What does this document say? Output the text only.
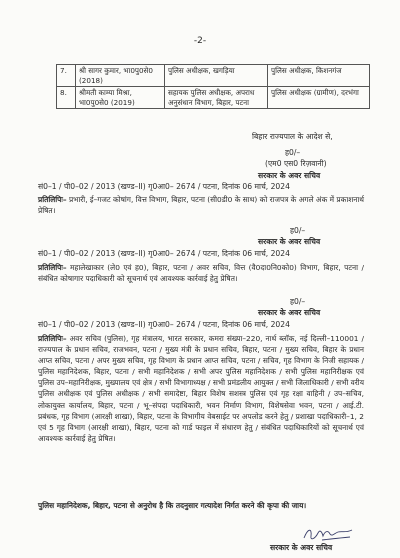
-2-
7.	श्री सागर कुमार, भा0पु0से0 (2018)	पुलिस अधीक्षक, खगड़िया	पुलिस अधीक्षक, किशनगंज
8.	श्रीमती काम्या मिश्रा, भा0पु0से0 (2019)	सहायक पुलिस अधीक्षक, अपराध अनुसंधान विभाग, बिहार, पटना	पुलिस अधीक्षक (ग्रामीण), दरभंगा
बिहार राज्यपाल के आदेश से,
ह0/–
(एम0 एस0 रिज़वानी)
सरकार के अवर सचिव
सं0–1 / पी0–02 / 2013 (खण्ड–II) गृ0आ0– 2674 / पटना, दिनांक 06 मार्च, 2024
प्रतिलिपिः– प्रभारी, ई–गजट कोषांग, वित्त विभाग, बिहार, पटना (सी0डी0 के साथ) को राजपत्र के अगले अंक में प्रकाशनार्थ प्रेषित।
ह0/–
सरकार के अवर सचिव
सं0–1 / पी0–02 / 2013 (खण्ड–II) गृ0आ0– 2674 / पटना, दिनांक 06 मार्च, 2024
प्रतिलिपिः– महालेखाकार (ले0 एवं ह0), बिहार, पटना / अवर सचिव, वित्त (वै0दा0नि0को0) विभाग, बिहार, पटना / संबंधित कोषागार पदाधिकारी को सूचनार्थ एवं आवश्यक कार्रवाई हेतु प्रेषित।
ह0/–
सरकार के अवर सचिव
सं0–1 / पी0–02 / 2013 (खण्ड–II) गृ0आ0– 2674 / पटना, दिनांक 06 मार्च, 2024
प्रतिलिपिः– अवर सचिव (पुलिस), गृह मंत्रालय, भारत सरकार, कमरा संख्या–220, नार्थ ब्लॉक, नई दिल्ली–110001 / राज्यपाल के प्रधान सचिव, राजभवन, पटना / मुख्य मंत्री के प्रधान सचिव, बिहार, पटना / मुख्य सचिव, बिहार के प्रधान आप्त सचिव, पटना / अपर मुख्य सचिव, गृह विभाग के प्रधान आप्त सचिव, पटना / सचिव, गृह विभाग के निजी सहायक / पुलिस महानिदेशक, बिहार, पटना / सभी महानिदेशक / सभी अपर पुलिस महानिदेशक / सभी पुलिस महानिरीक्षक एवं पुलिस उप–महानिरीक्षक, मुख्यालय एवं क्षेत्र / सभी विभागाध्यक्ष / सभी प्रमंडलीय आयुक्त / सभी जिलाधिकारी / सभी वरीय पुलिस अधीक्षक एवं पुलिस अधीक्षक / सभी समादेष्टा, बिहार विशेष सशस्त्र पुलिस एवं गृह रक्षा वाहिनी / उप–सचिव, लोकायुक्त कार्यालय, बिहार, पटना / भू–संपदा पदाधिकारी, भवन निर्माण विभाग, विशेषसेवा भवन, पटना / आई.टी. प्रबंधक, गृह विभाग (आरक्षी शाखा), बिहार, पटना के विभागीय वेबसाईट पर अपलोड करने हेतु / प्रशाखा पदाधिकारी–1, 2 एवं 5 गृह विभाग (आरक्षी शाखा), बिहार, पटना को गार्ड फाइल में संधारण हेतु / संबंधित पदाधिकारियों को सूचनार्थ एवं आवश्यक कार्रवाई हेतु प्रेषित।
पुलिस महानिदेशक, बिहार, पटना से अनुरोध है कि तदनुसार गत्यादेश निर्गत करने की कृपा की जाय।
सरकार के अवर सचिव
